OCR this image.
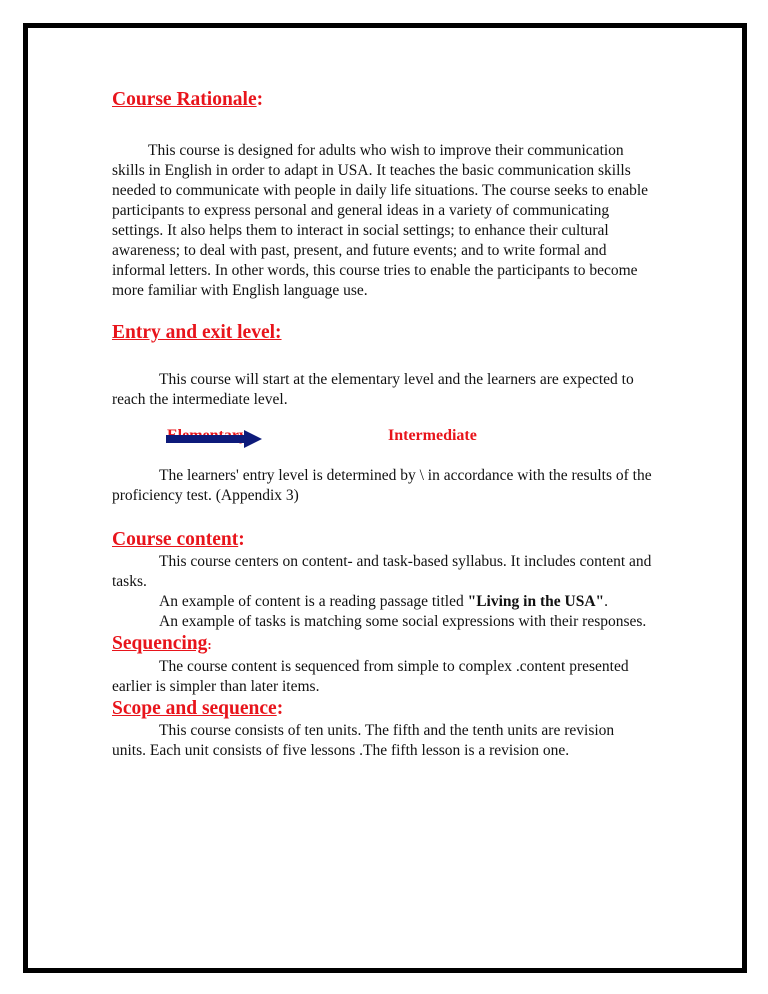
Course Rationale:

This course is designed for adults who wish to improve their communication skills in English in order to adapt in USA. It teaches the basic communication skills needed to communicate with people in daily life situations. The course seeks to enable participants to express personal and general ideas in a variety of communicating settings. It also helps them to interact in social settings; to enhance their cultural awareness; to deal with past, present, and future events; and to write formal and informal letters. In other words, this course tries to enable the participants to become more familiar with English language use.

Entry and exit level:

This course will start at the elementary level and the learners are expected to reach the intermediate level.

Intermediate

The learners' entry level is determined by \ in accordance with the results of the proficiency test. (Appendix 3)

Course content:

This course centers on content- and task-based syllabus. It includes content and tasks.

An example of content is a reading passage titled "Living in the USA".

An example of tasks is matching some social expressions with their responses.

Sequencing:

The course content is sequenced from simple to complex .content presented earlier is simpler than later items.

Scope and sequence:

This course consists of ten units. The fifth and the tenth units are revision units. Each unit consists of five lessons .The fifth lesson is a revision one.
